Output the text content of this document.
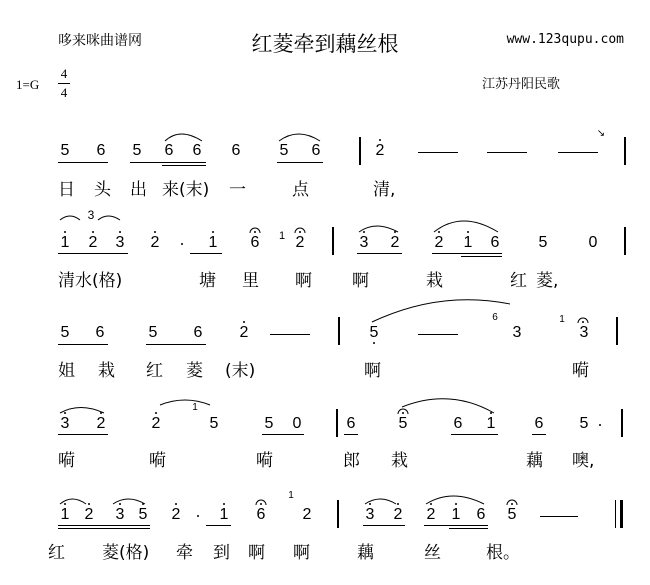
哆来咪曲谱网	红菱牵到藕丝根	www.123qupu.com
1=G
4
4
江苏丹阳民歌
5 6 5 6 6 6 5 6	2
↘
日 头 出 来(末) 一	点	清,
3
1 2 3 2	1 6	1 2	3 2 2 1 6 5	0
清水(格)	塘 里 啊 啊	栽	红 菱,
5 6	5 6 2	5
6
3
1
3
姐 栽 红 菱 (末)	啊	嗬
3 2	2
1
5	5 0	6	5	6 1 6 5
嗬	嗬	嗬	郎 栽	藕 噢,
1 2 3 5 2 1 6
1
2	3 2 2 1 6 5
红 菱(格) 牵 到 啊 啊	藕	丝	根。
